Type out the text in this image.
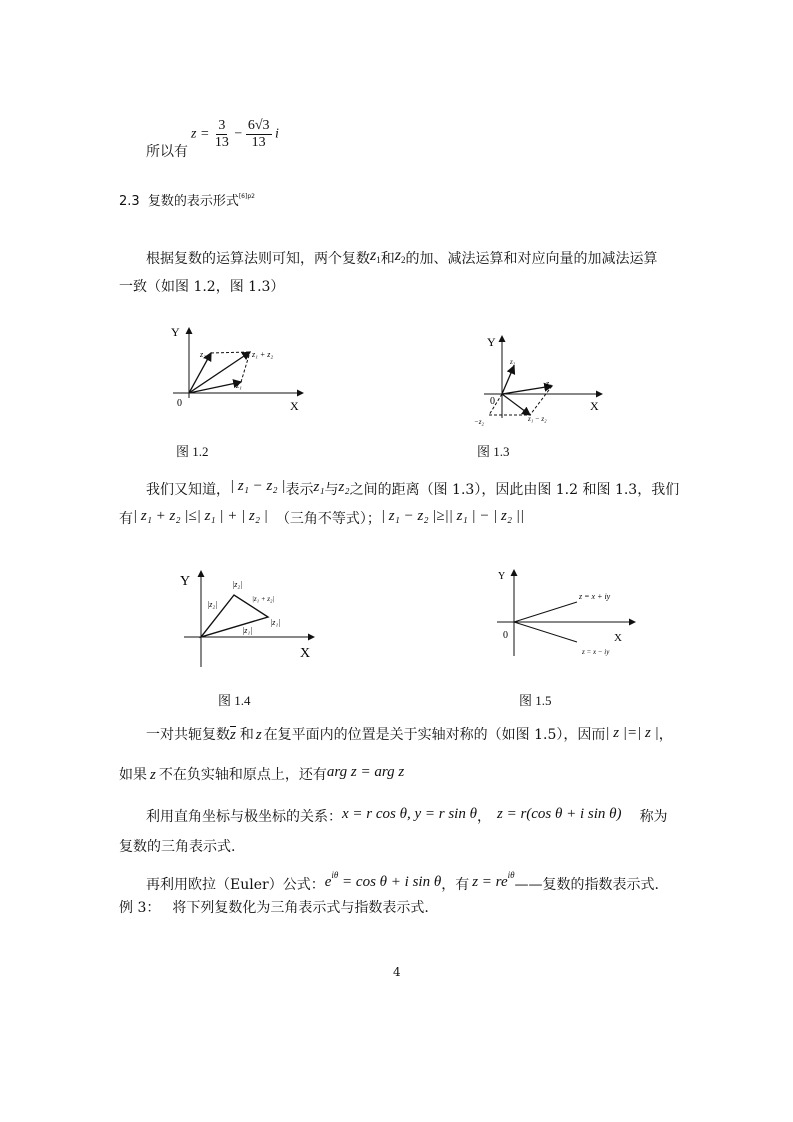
所以有
$z = \frac{3}{13} - \frac{6√3}{13}$ i
2.3 复数的表示形式$^{[6]p2}$
根据复数的运算法则可知，两个复数$z_1$和$z_2$的加、减法运算和对应向量的加减法运算
一致（如图 1.2，图 1.3）
Y
X
0
z₂	z₁ + z₂
z₁
图 1.2
Y
X
0
z₂
z₁
−z₂	z₁ − z₂
图 1.3
我们又知道，| z₁ − z₂ |表示z₁与z₂之间的距离（图 1.3），因此由图 1.2 和图 1.3，我们
有| z₁ + z₂ |≤| z₁ | + | z₂ | （三角不等式）；| z₁ − z₂ |≥|| z₁ | − | z₂ ||
Y
X
|z₂|
|z₂|
|z₁ + z₂|
|z₁|
|z₁|
图 1.4
Y
X
0
z = x + iy
z = x − iy
图 1.5
一对共轭复数z 和 z 在复平面内的位置是关于实轴对称的（如图 1.5），因而| z |=| z |，
如果 z 不在负实轴和原点上，还有arg z = arg z
利用直角坐标与极坐标的关系：x = r cos θ, y = r sin θ， z = r(cos θ + i sin θ) 称为
复数的三角表示式.
再利用欧拉（Euler）公式：$e^{i\theta} = \cos \theta + i$ sin θ，有 $z = re^{i\theta}——$复数的指数表示式.
例 3： 将下列复数化为三角表示式与指数表示式.
4
